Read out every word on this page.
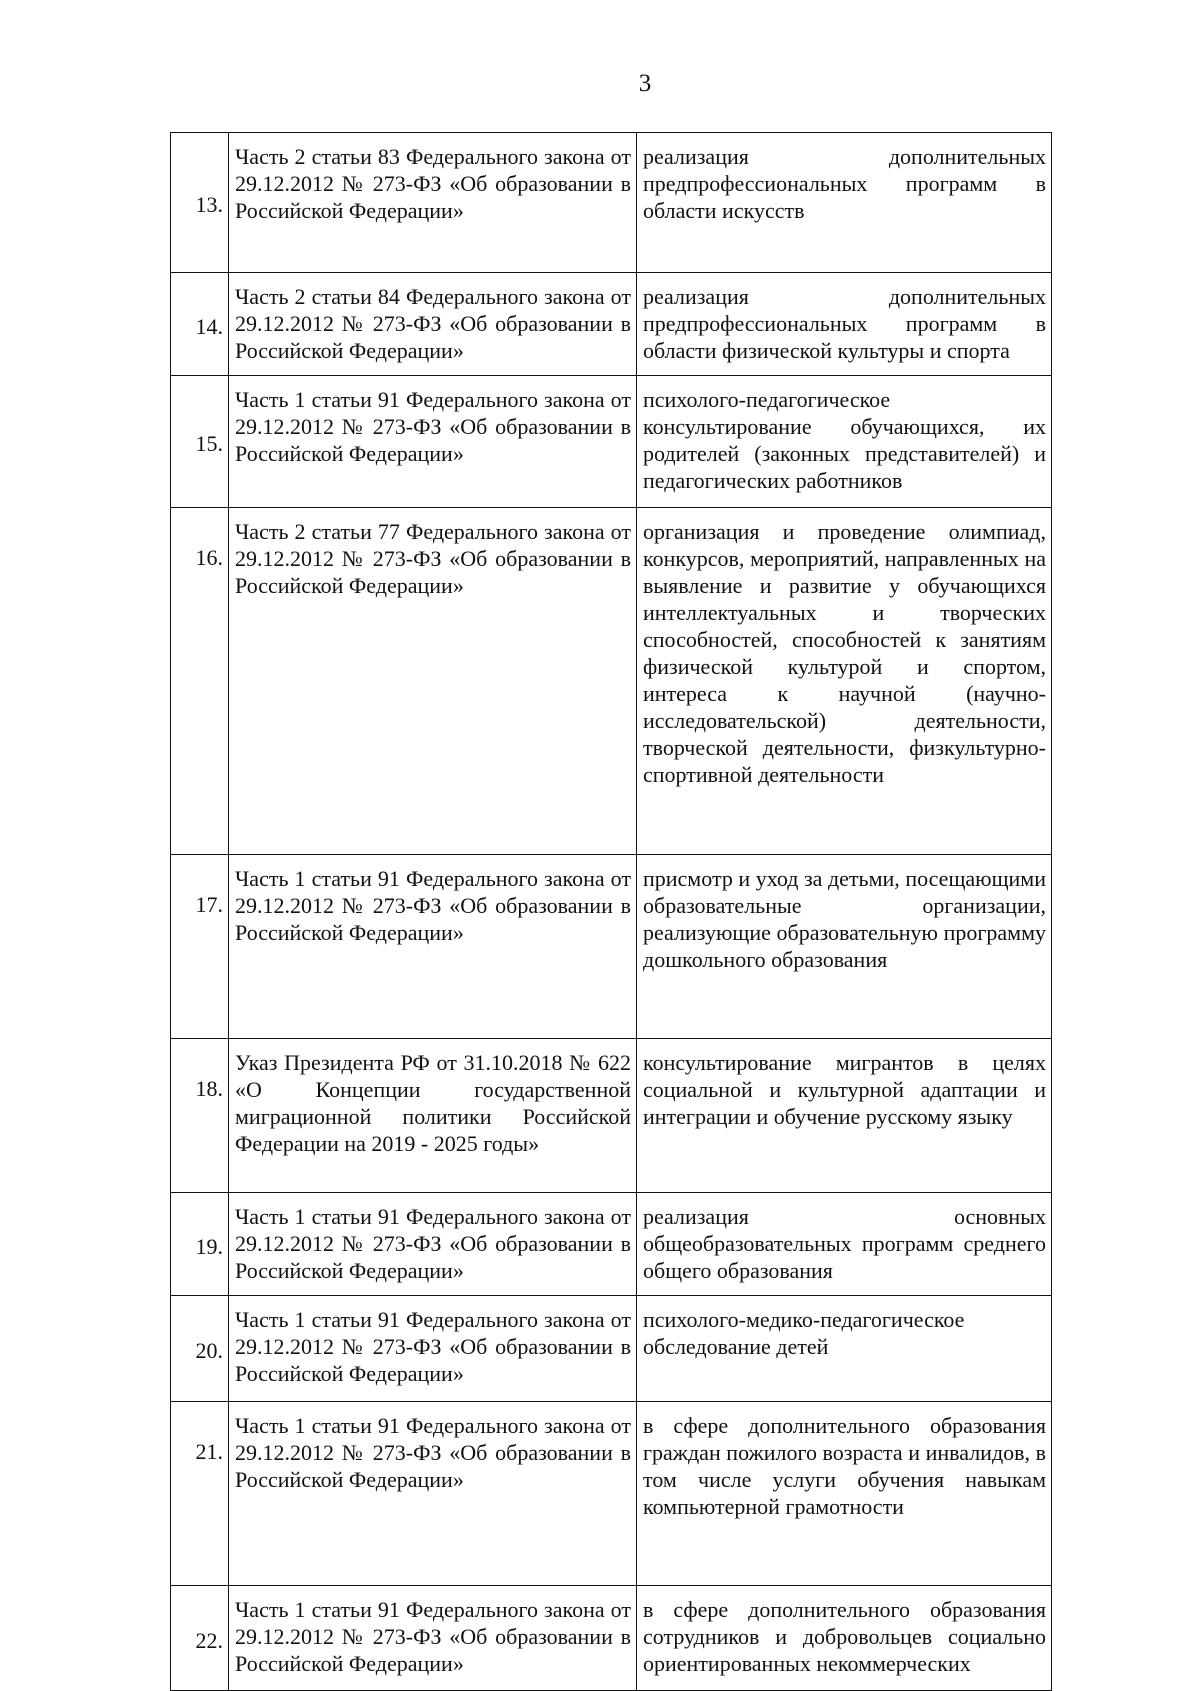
3
13.	Часть 2 статьи 83 Федерального закона от 29.12.2012 № 273-ФЗ «Об образовании в Российской Федерации»	реализация дополнительных предпрофессиональных программ в области искусств
14.	Часть 2 статьи 84 Федерального закона от 29.12.2012 № 273-ФЗ «Об образовании в Российской Федерации»	реализация дополнительных предпрофессиональных программ в области физической культуры и спорта
15.	Часть 1 статьи 91 Федерального закона от 29.12.2012 № 273-ФЗ «Об образовании в Российской Федерации»	психолого-педагогическое консультирование обучающихся, их родителей (законных представителей) и педагогических работников
16.	Часть 2 статьи 77 Федерального закона от 29.12.2012 № 273-ФЗ «Об образовании в Российской Федерации»	организация и проведение олимпиад, конкурсов, мероприятий, направленных на выявление и развитие у обучающихся интеллектуальных и творческих способностей, способностей к занятиям физической культурой и спортом, интереса к научной (научно-исследовательской) деятельности, творческой деятельности, физкультурно-спортивной деятельности
17.	Часть 1 статьи 91 Федерального закона от 29.12.2012 № 273-ФЗ «Об образовании в Российской Федерации»	присмотр и уход за детьми, посещающими образовательные организации, реализующие образовательную программу дошкольного образования
18.	Указ Президента РФ от 31.10.2018 № 622 «О Концепции государственной миграционной политики Российской Федерации на 2019 - 2025 годы»	консультирование мигрантов в целях социальной и культурной адаптации и интеграции и обучение русскому языку
19.	Часть 1 статьи 91 Федерального закона от 29.12.2012 № 273-ФЗ «Об образовании в Российской Федерации»	реализация основных общеобразовательных программ среднего общего образования
20.	Часть 1 статьи 91 Федерального закона от 29.12.2012 № 273-ФЗ «Об образовании в Российской Федерации»	психолого-медико-педагогическое обследование детей
21.	Часть 1 статьи 91 Федерального закона от 29.12.2012 № 273-ФЗ «Об образовании в Российской Федерации»	в сфере дополнительного образования граждан пожилого возраста и инвалидов, в том числе услуги обучения навыкам компьютерной грамотности
22.	Часть 1 статьи 91 Федерального закона от 29.12.2012 № 273-ФЗ «Об образовании в Российской Федерации»	в сфере дополнительного образования сотрудников и добровольцев социально ориентированных некоммерческих
